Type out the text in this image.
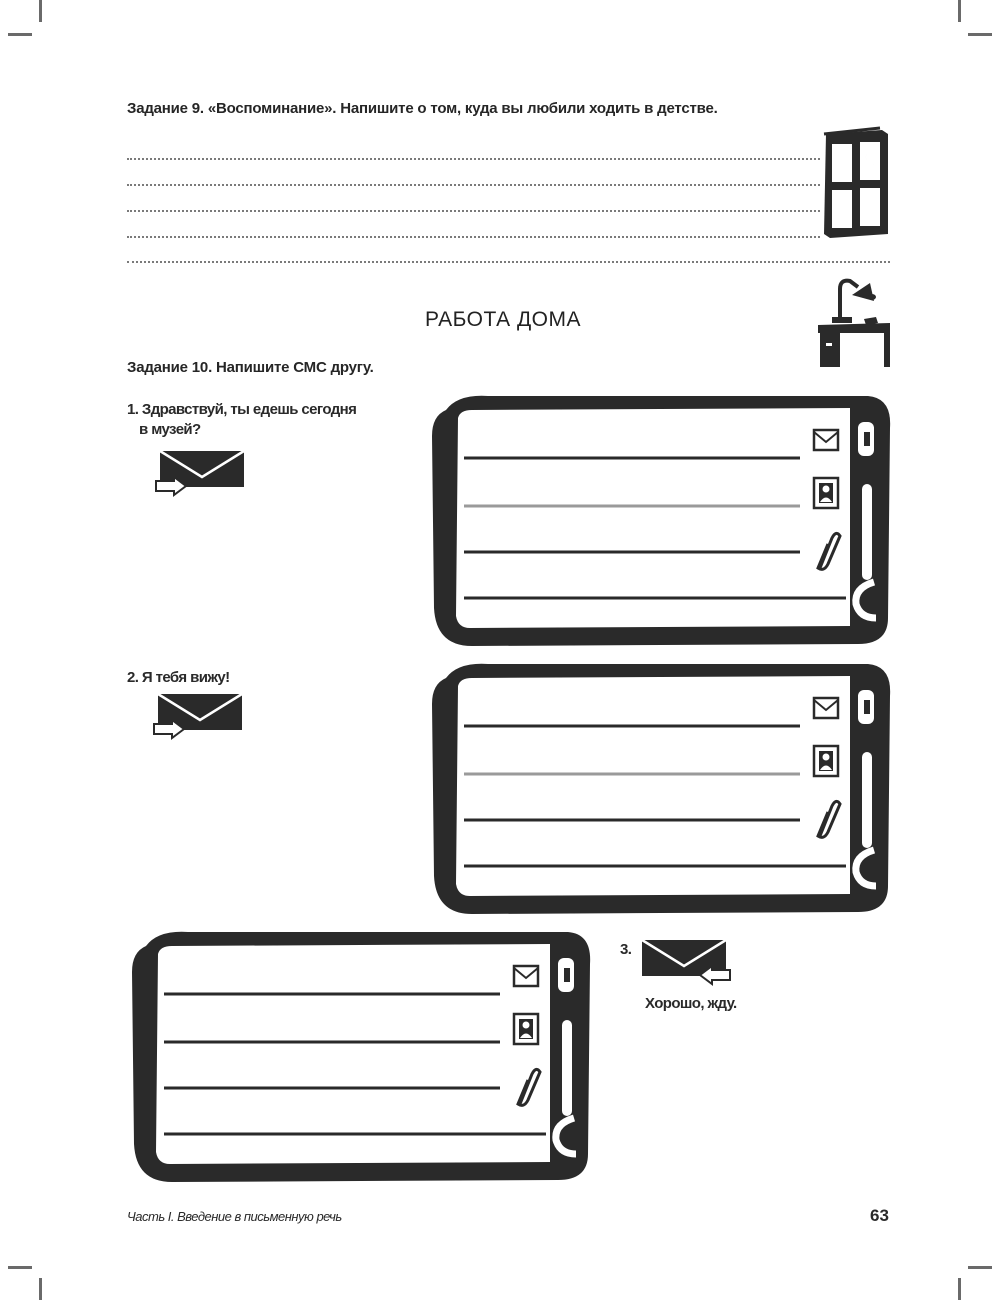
Задание 9. «Воспоминание». Напишите о том, куда вы любили ходить в детстве.
РАБОТА ДОМА
Задание 10. Напишите СМС другу.
1. Здравствуй, ты едешь сегодня
в музей?
2. Я тебя вижу!
3.
Хорошо, жду.
Часть I. Введение в письменную речь	63
